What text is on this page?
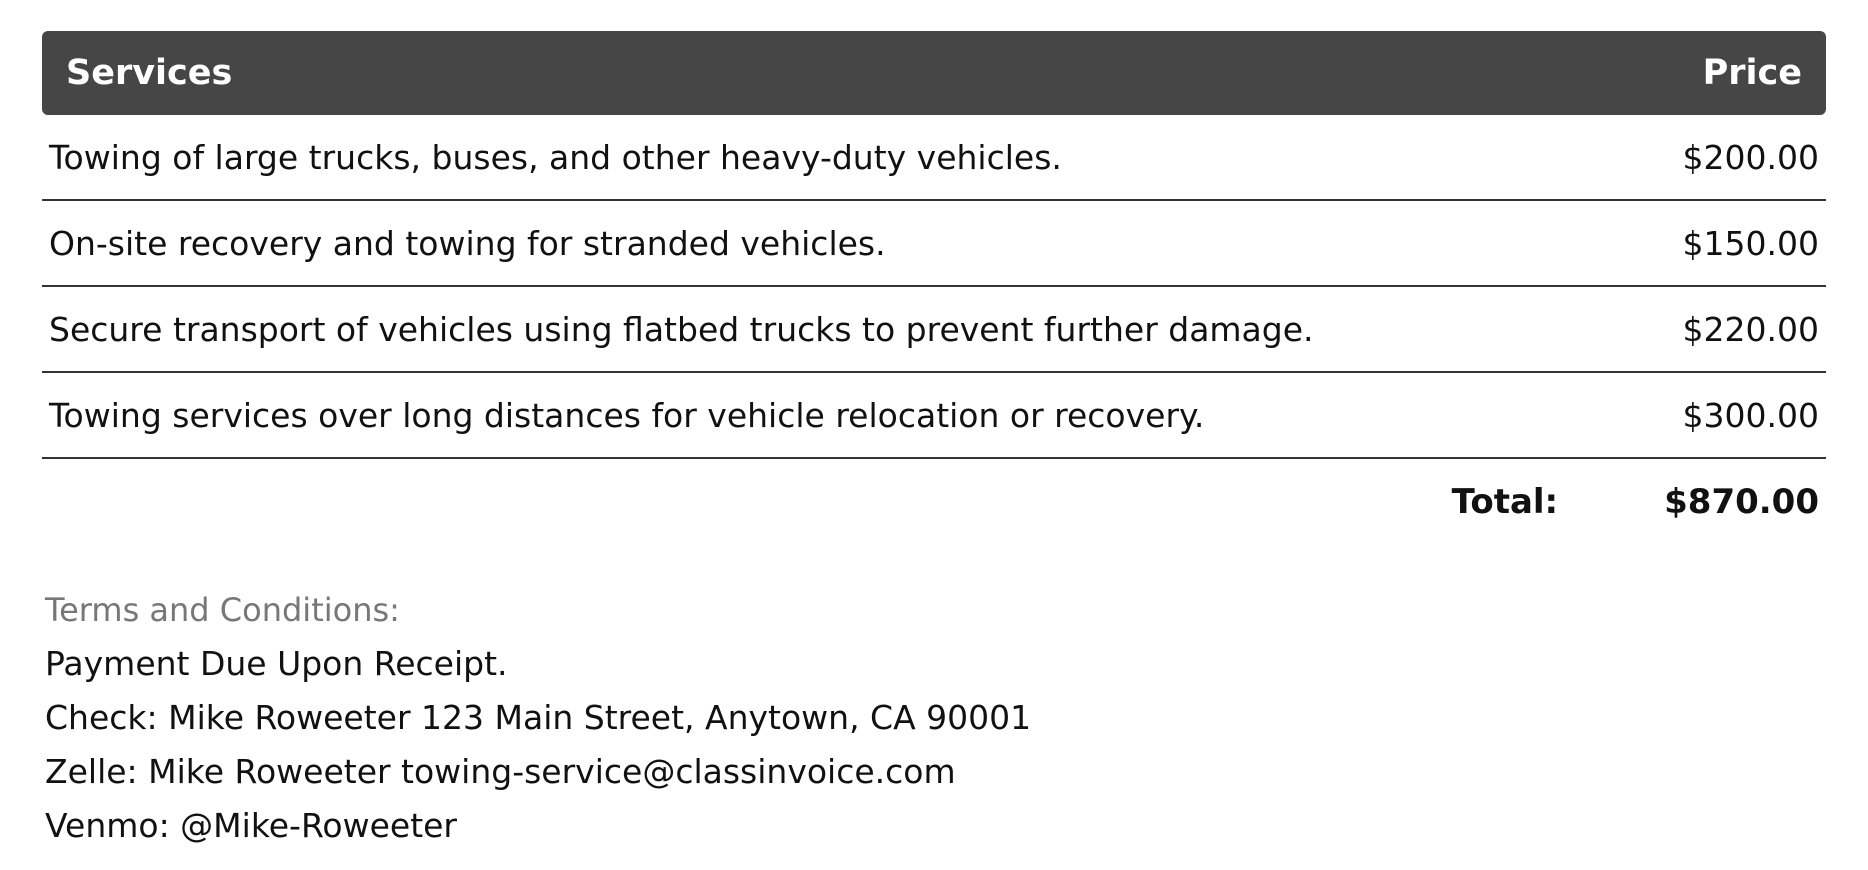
Services	Price
Towing of large trucks, buses, and other heavy-duty vehicles.	$200.00
On-site recovery and towing for stranded vehicles.	$150.00
Secure transport of vehicles using flatbed trucks to prevent further damage.	$220.00
Towing services over long distances for vehicle relocation or recovery.	$300.00
Total:	$870.00
Terms and Conditions:
Payment Due Upon Receipt.
Check: Mike Roweeter 123 Main Street, Anytown, CA 90001
Zelle: Mike Roweeter towing-service@classinvoice.com
Venmo: @Mike-Roweeter
